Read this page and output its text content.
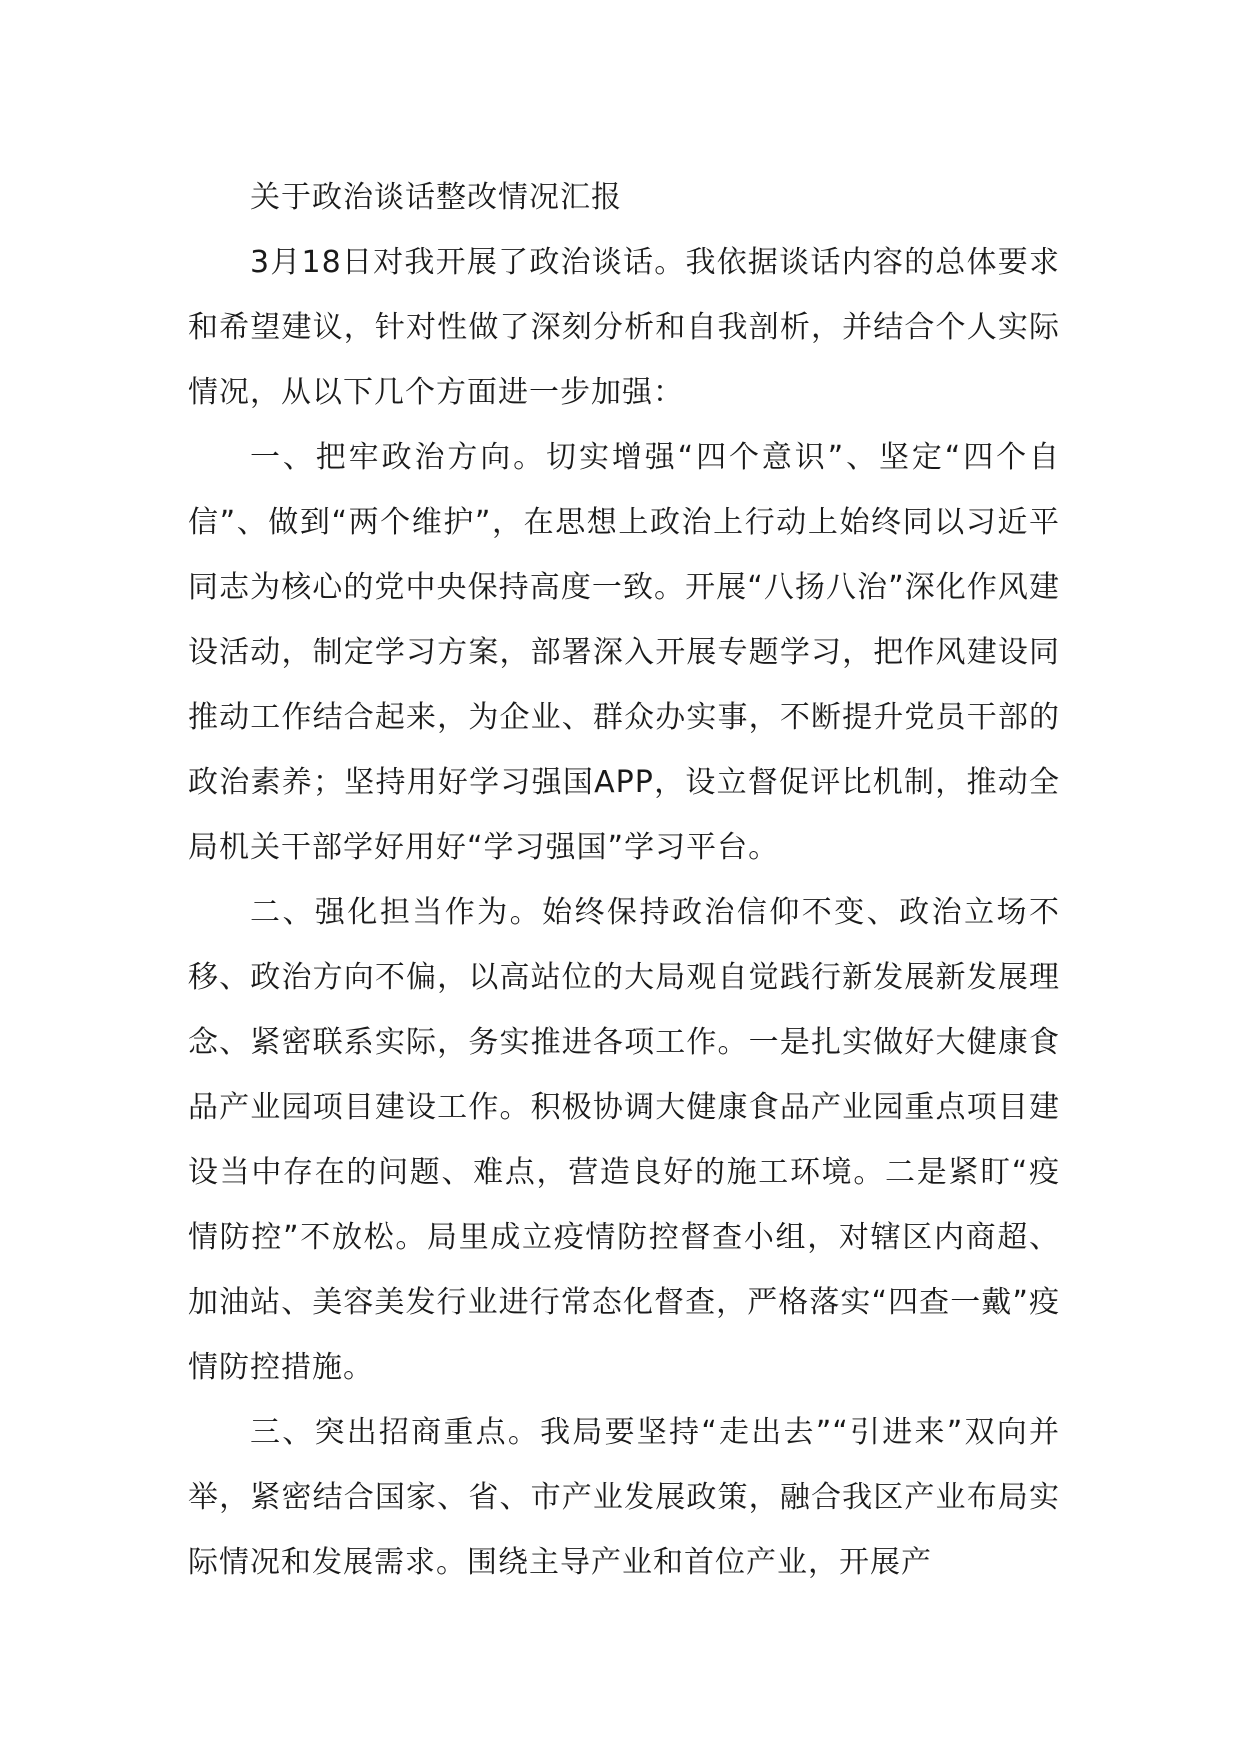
关于政治谈话整改情况汇报

3月18日对我开展了政治谈话。我依据谈话内容的总体要求和希望建议，针对性做了深刻分析和自我剖析，并结合个人实际情况，从以下几个方面进一步加强：

一、把牢政治方向。切实增强“四个意识”、坚定“四个自信”、做到“两个维护”，在思想上政治上行动上始终同以习近平同志为核心的党中央保持高度一致。开展“八扬八治”深化作风建设活动，制定学习方案，部署深入开展专题学习，把作风建设同推动工作结合起来，为企业、群众办实事，不断提升党员干部的政治素养；坚持用好学习强国APP，设立督促评比机制，推动全局机关干部学好用好“学习强国”学习平台。

二、强化担当作为。始终保持政治信仰不变、政治立场不移、政治方向不偏，以高站位的大局观自觉践行新发展新发展理念、紧密联系实际，务实推进各项工作。一是扎实做好大健康食品产业园项目建设工作。积极协调大健康食品产业园重点项目建设当中存在的问题、难点，营造良好的施工环境。二是紧盯“疫情防控”不放松。局里成立疫情防控督查小组，对辖区内商超、加油站、美容美发行业进行常态化督查，严格落实“四查一戴”疫情防控措施。

三、突出招商重点。我局要坚持“走出去”“引进来”双向并举，紧密结合国家、省、市产业发展政策，融合我区产业布局实际情况和发展需求。围绕主导产业和首位产业，开展产
